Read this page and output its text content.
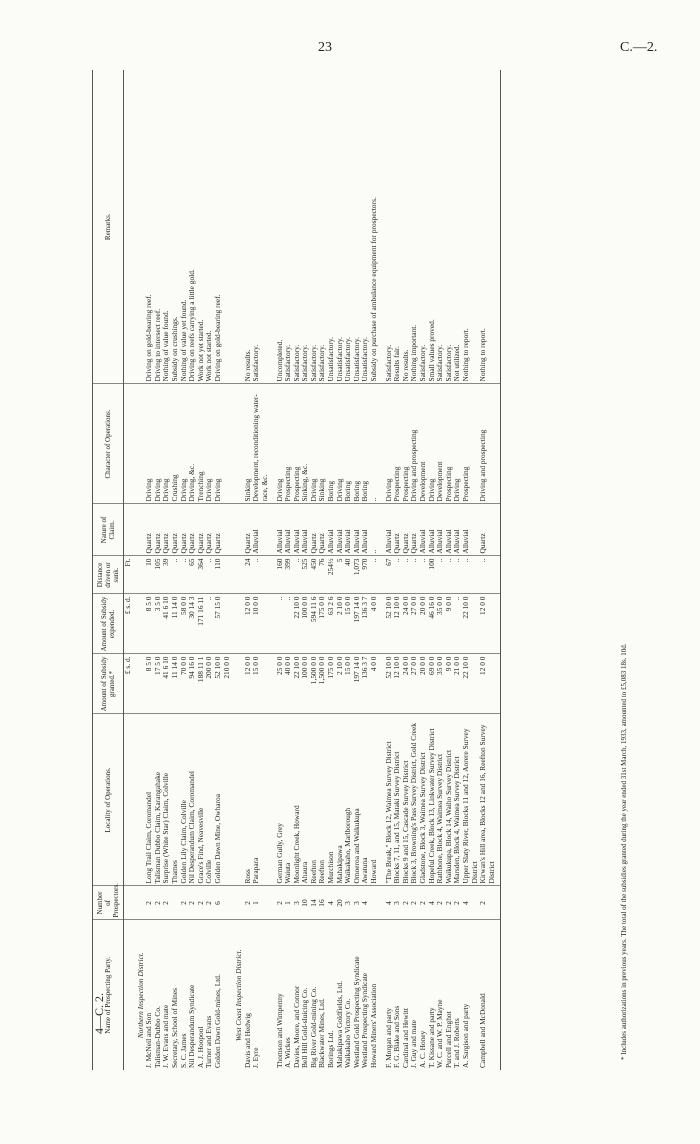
23	C.—2.
4—C. 2.
Name of Prospecting Party.	Number of Prospectors.	Locality of Operations.	Amount of Subsidy granted.*	Amount of Subsidy expended.	Distance driven or sunk.	Nature of Claim.	Character of Operations.	Remarks.
			£ s. d.	£ s. d.	Ft.			
Northern Inspection District.								
J. McNeil and Son	2	Long Trail Claim, Coromandel	8 5 0	8 5 0	10	Quartz	Driving	Driving on gold-bearing reef.
Talisman-Dubbo Co.	2	Talisman Dubbo Claim, Karangahake	17 5 0	3 5 0	105	Quartz	Driving	Driving to intersect reef.
J. W. Evans and mate	2	Surprise (White Star) Claim, Colville	41 6 10	41 6 10	39	Quartz	Driving	Nothing of value found.
Secretary, School of Mines		Thames	11 14 0	11 14 0	..	Quartz	Crushing	Subsidy on crushings.
S. C. James	2	Golden Lily Claim, Colville	70 0 0	58 0 0	..	Quartz	Driving	Nothing of value yet found.
Nil Desperandum Syndicate	2	Nil Desperandum Claim, Coromandel	94 16 0	30 14 3	65	Quartz	Driving, &c.	Driving on reefs carrying a little gold.
A. J. Hoopool	2	Grace's Find, Neavesville	188 11 1	171 16 11	364	Quartz	Trenching	Work not yet started.
Turner and Evans	2	Colville	200 0 0	..	..	Quartz	Driving	Work not started.
Golden Dawn Gold-mines, Ltd.	6	Golden Dawn Mine, Owharoa	52 10 0	57 15 0	110	Quartz	Driving	Driving on gold-bearing reef.
			210 0 0					
West Coast Inspection District.								
Davis and Hedwig	2	Ross	12 0 0	12 0 0	24	Quartz	Sinking	No results.
J. Eyre	1	Parapara	15 0 0	10 0 0	..	Alluvial	Development, reconditioning water-race, &c.	Satisfactory.

Thomson and Wimpenny	2	German Gully, Grey	25 0 0	..	160	Alluvial	Driving	Uncompleted.
A. Wickes	1	Waiuta	40 0 0	..	399	Alluvial	Prospecting	Satisfactory.
Davies, Moore, and Connor	3	Moonlight Creek, Howard	22 10 0	22 10 0	..	Alluvial	Prospecting	Satisfactory.
Bell Hill Gold-sluicing Co.	10	Ahaura	100 0 0	100 0 0	525	Alluvial	Sinking, &c.	Satisfactory.
Big River Gold-mining Co.	14	Reefton	1,500 0 0	594 11 6	450	Quartz	Driving	Satisfactory.
Blackwater Mines, Ltd.	16	Reefton	1,500 0 0	175 0 0	76	Quartz	Sinking	Satisfactory.
Borings Ltd.	4	Murchison	175 0 0	63 2 6	254½	Alluvial	Boring	Unsatisfactory.
Mahakipawa Goldfields, Ltd.	20	Mahakipawa	2 10 0	2 10 0	5	Alluvial	Driving	Unsatisfactory.
Waikakaho Victory Co.	3	Waikakaho, Marlborough	15 0 0	15 0 0	40	Alluvial	Boring	Unsatisfactory.
Westland Gold Prospecting Syndicate	3	Omoeroa and Waikukupa	197 14 0	197 14 0	1,073	Alluvial	Boring	Unsatisfactory.
Westland Prospecting Syndicate	4	Awatuna	136 3 7	136 3 7	970	Alluvial	Boring	Unsatisfactory.
Howard Miners' Association		Howard	4 0 0	4 0 0	..	..	..	Subsidy on purchase of ambulance equipment for prospectors.

F. Morgan and party	4	"The Break," Block 12, Waimea Survey District	52 10 0	52 10 0	67	Alluvial	Driving	Satisfactory.
F. G. Blake and Sons	3	Blocks 7, 11, and 15, Mataki Survey District	12 10 0	12 10 0	..	Quartz	Prospecting	Results fair.
Cardinal and Hewitt	2	Blocks 9 and 15, Cascade Survey District	24 0 0	24 0 0	..	Quartz	Prospecting	No results.
J. Guy and mate	2	Block 3, Browning's Pass Survey District, Gold Creek	27 0 0	27 0 0	..	Quartz	Driving and prospecting	Nothing important.
A. C. Honey	2	Gladstone, Block 3, Waimea Survey District	20 0 0	20 0 0	..	Alluvial	Development	Satisfactory.
T. Kissane and party	4	Hopeful Creek, Block 13, Linkwater Survey District	69 0 0	46 16 0	100	Alluvial	Driving	Small values proved.
W. C. and W. P. Mayne	2	Rathbone, Block 4, Waimea Survey District	35 0 0	35 0 0	..	Alluvial	Development	Satisfactory.
Purcell and Enghot	2	Waikukupa, Block 14, Waiho Survey District	9 0 0	9 0 0	..	Alluvial	Prospecting	Satisfactory.
T. and J. Roberts	2	Marsden, Block 4, Waimea Survey District	21 0 0	..	..	Alluvial	Driving	Not utilized.
A. Sargison and party	4	Upper Slaty River, Blocks 11 and 12, Aorere Survey District	22 10 0	22 10 0	..	Alluvial	Prospecting	Nothing to report.
Campbell and McDonald	2	Kirwan's Hill area, Blocks 12 and 16, Reefton Survey District	12 0 0	12 0 0	..	Quartz	Driving and prospecting	Nothing to report.

* Includes authorizations in previous years. The total of the subsidies granted during the year ended 31st March, 1933, amounted to £5,083 18s. 10d.
